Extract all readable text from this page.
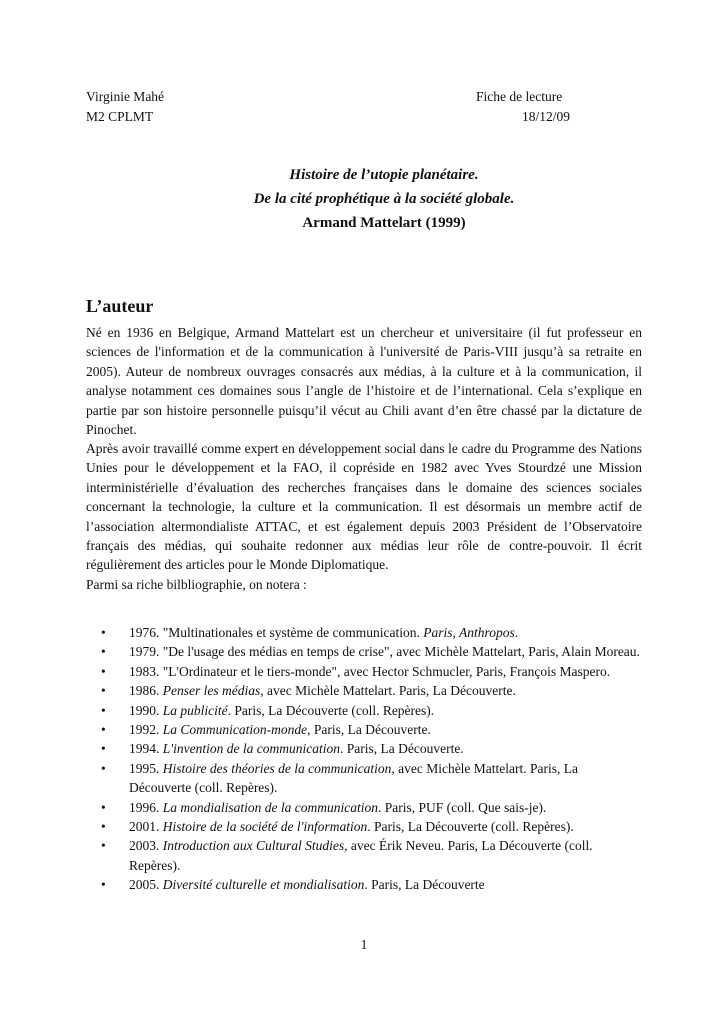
Virginie Mahé
M2 CPLMT
Fiche de lecture
18/12/09
Histoire de l’utopie planétaire.
De la cité prophétique à la société globale.
Armand Mattelart (1999)
L’auteur

Né en 1936 en Belgique, Armand Mattelart est un chercheur et universitaire (il fut professeur en sciences de l'information et de la communication à l'université de Paris-VIII jusqu’à sa retraite en 2005). Auteur de nombreux ouvrages consacrés aux médias, à la culture et à la communication, il analyse notamment ces domaines sous l’angle de l’histoire et de l’international. Cela s’explique en partie par son histoire personnelle puisqu’il vécut au Chili avant d’en être chassé par la dictature de Pinochet.

Après avoir travaillé comme expert en développement social dans le cadre du Programme des Nations Unies pour le développement et la FAO, il copréside en 1982 avec Yves Stourdzé une Mission interministérielle d’évaluation des recherches françaises dans le domaine des sciences sociales concernant la technologie, la culture et la communication. Il est désormais un membre actif de l’association altermondialiste ATTAC, et est également depuis 2003 Président de l’Observatoire français des médias, qui souhaite redonner aux médias leur rôle de contre-pouvoir. Il écrit régulièrement des articles pour le Monde Diplomatique.

Parmi sa riche bilbliographie, on notera :

• 1976. "Multinationales et système de communication. Paris, Anthropos.
• 1979. "De l'usage des médias en temps de crise", avec Michèle Mattelart, Paris, Alain Moreau.
• 1983. "L'Ordinateur et le tiers-monde", avec Hector Schmucler, Paris, François Maspero.
• 1986. Penser les médias, avec Michèle Mattelart. Paris, La Découverte.
• 1990. La publicité. Paris, La Découverte (coll. Repères).
• 1992. La Communication-monde, Paris, La Découverte.
• 1994. L'invention de la communication. Paris, La Découverte.
• 1995. Histoire des théories de la communication, avec Michèle Mattelart. Paris, La Découverte (coll. Repères).
• 1996. La mondialisation de la communication. Paris, PUF (coll. Que sais-je).
• 2001. Histoire de la société de l'information. Paris, La Découverte (coll. Repères).
• 2003. Introduction aux Cultural Studies, avec Érik Neveu. Paris, La Découverte (coll. Repères).
• 2005. Diversité culturelle et mondialisation. Paris, La Découverte
1
